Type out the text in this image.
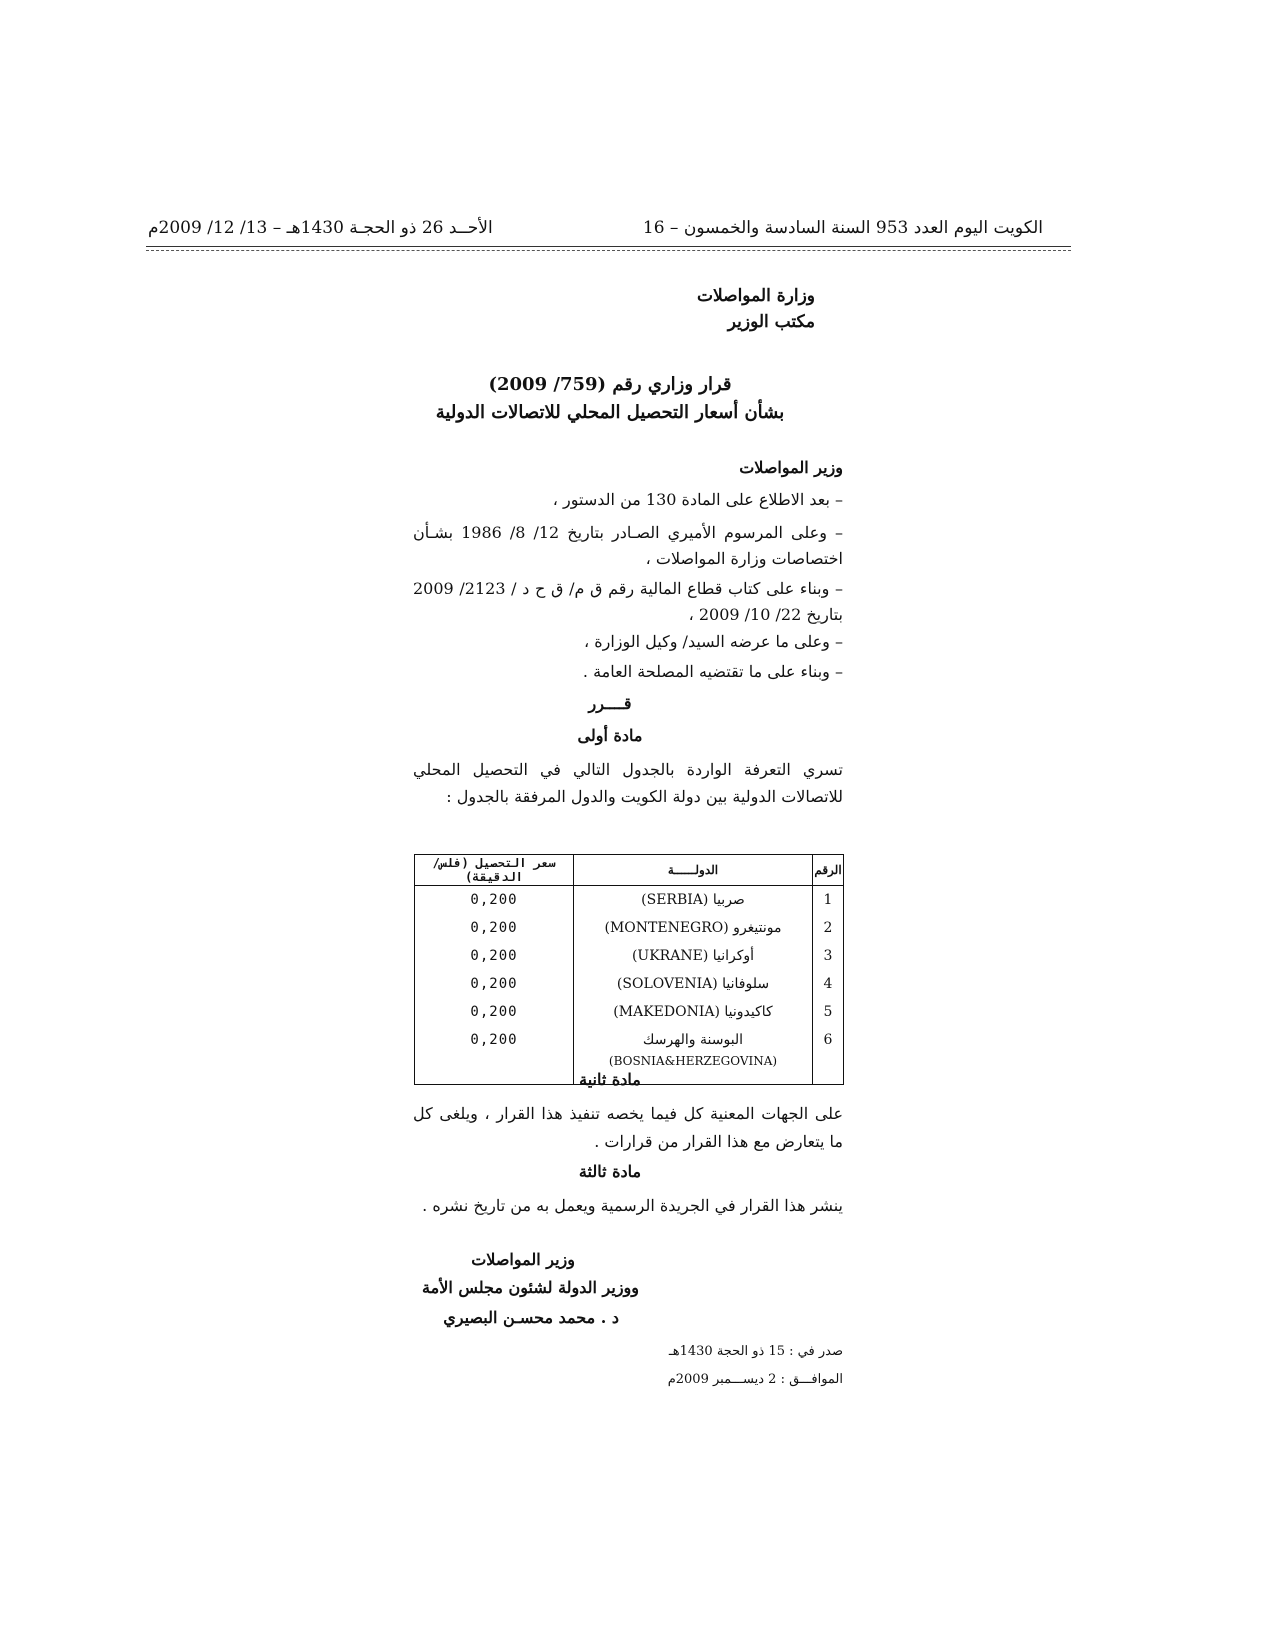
الكويت اليوم العدد 953 السنة السادسة والخمسون – 16
الأحــد 26 ذو الحجـة 1430هـ – 13/ 12/ 2009م
وزارة المواصلات
مكتب الوزير
قرار وزاري رقم (759/ 2009)
بشأن أسعار التحصيل المحلي للاتصالات الدولية
وزير المواصلات
– بعد الاطلاع على المادة 130 من الدستور ،
– وعلى المرسوم الأميري الصـادر بتاريخ 12/ 8/ 1986 بشـأن اختصاصات وزارة المواصلات ،
– وبناء على كتاب قطاع المالية رقم ق م/ ق ح د / 2123/ 2009 بتاريخ 22/ 10/ 2009 ،
– وعلى ما عرضه السيد/ وكيل الوزارة ،
– وبناء على ما تقتضيه المصلحة العامة .
قــــرر
مادة أولى
تسري التعرفة الواردة بالجدول التالي في التحصيل المحلي للاتصالات الدولية بين دولة الكويت والدول المرفقة بالجدول :
الرقم	الدولــــــة	سعر التحصيل (فلس/ الدقيقة)
1	صربيا (SERBIA)	0,200
2	مونتيغرو (MONTENEGRO)	0,200
3	أوكرانيا (UKRANE)	0,200
4	سلوفانيا (SOLOVENIA)	0,200
5	كاكيدونيا (MAKEDONIA)	0,200
6	البوسنة والهرسك	0,200
	(BOSNIA&HERZEGOVINA)	
مادة ثانية
على الجهات المعنية كل فيما يخصه تنفيذ هذا القرار ، ويلغى كل ما يتعارض مع هذا القرار من قرارات .
مادة ثالثة
ينشر هذا القرار في الجريدة الرسمية ويعمل به من تاريخ نشره .
وزير المواصلات
ووزير الدولة لشئون مجلس الأمة
د . محمد محسـن البصيري
صدر في : 15 ذو الحجة 1430هـ
الموافـــق : 2 ديســـمبر 2009م
